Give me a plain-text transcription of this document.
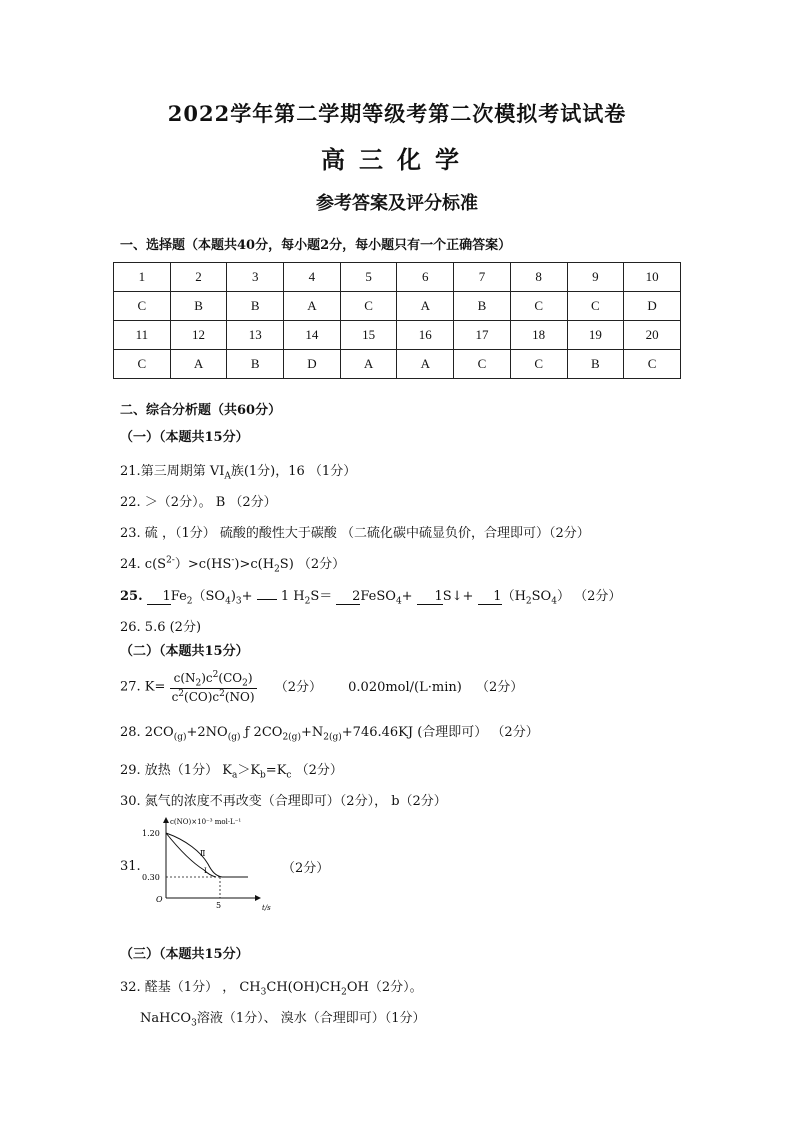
2022学年第二学期等级考第二次模拟考试试卷
高三化学
参考答案及评分标准
一、选择题（本题共40分，每小题2分，每小题只有一个正确答案）
1	2	3	4	5	6	7	8	9	10
C	B	B	A	C	A	B	C	C	D
11	12	13	14	15	16	17	18	19	20
C	A	B	D	A	A	C	C	B	C
二、综合分析题（共60分）
（一）（本题共15分）
21.第三周期第 $VI_A$族(1分)，16 （1分）
22. ＞（2分）。 B （2分）
23. 硫 ，（1分） 硫酸的酸性大于碳酸 （二硫化碳中硫显负价，合理即可）（2分）
24. $c(S^{2-})>c(HS^-)>c(H_2S)$ （2分）
25. $1Fe_2(SO_4)_3+ 1$ $H_2S=$ 2FeSO$_4$+ 1S↓+ $1(H_2SO_4)$ （2分）
26. 5.6 (2分)
（二）（本题共15分）
27. $K= \frac{c(N_2)c^2(CO_2)}{c^2(CO)c^2(NO)} (2$分） 0.020mol/(L·min) （2分）
28. $2CO_{(g)}+2NO_{(g)}$ ƒ $2CO_{2(g)}+N_{2(g)}+746.46KJ$ (合理即可） （2分）
29. 放热（1分） $K_a>K_b=K_c$ （2分）
30. 氮气的浓度不再改变（合理即可）（2分）， b（2分）
31.	（2分）
c(NO)×10⁻³ mol·L⁻¹
1.20
0.30
O
5	t/s
Ⅱ
Ⅰ
（三）（本题共15分）
32. 醛基（1分） ， $CH_3CH(OH)CH_2OH(2$分）。
NaHCO$_3$溶液（1分）、 溴水（合理即可）（1分）
